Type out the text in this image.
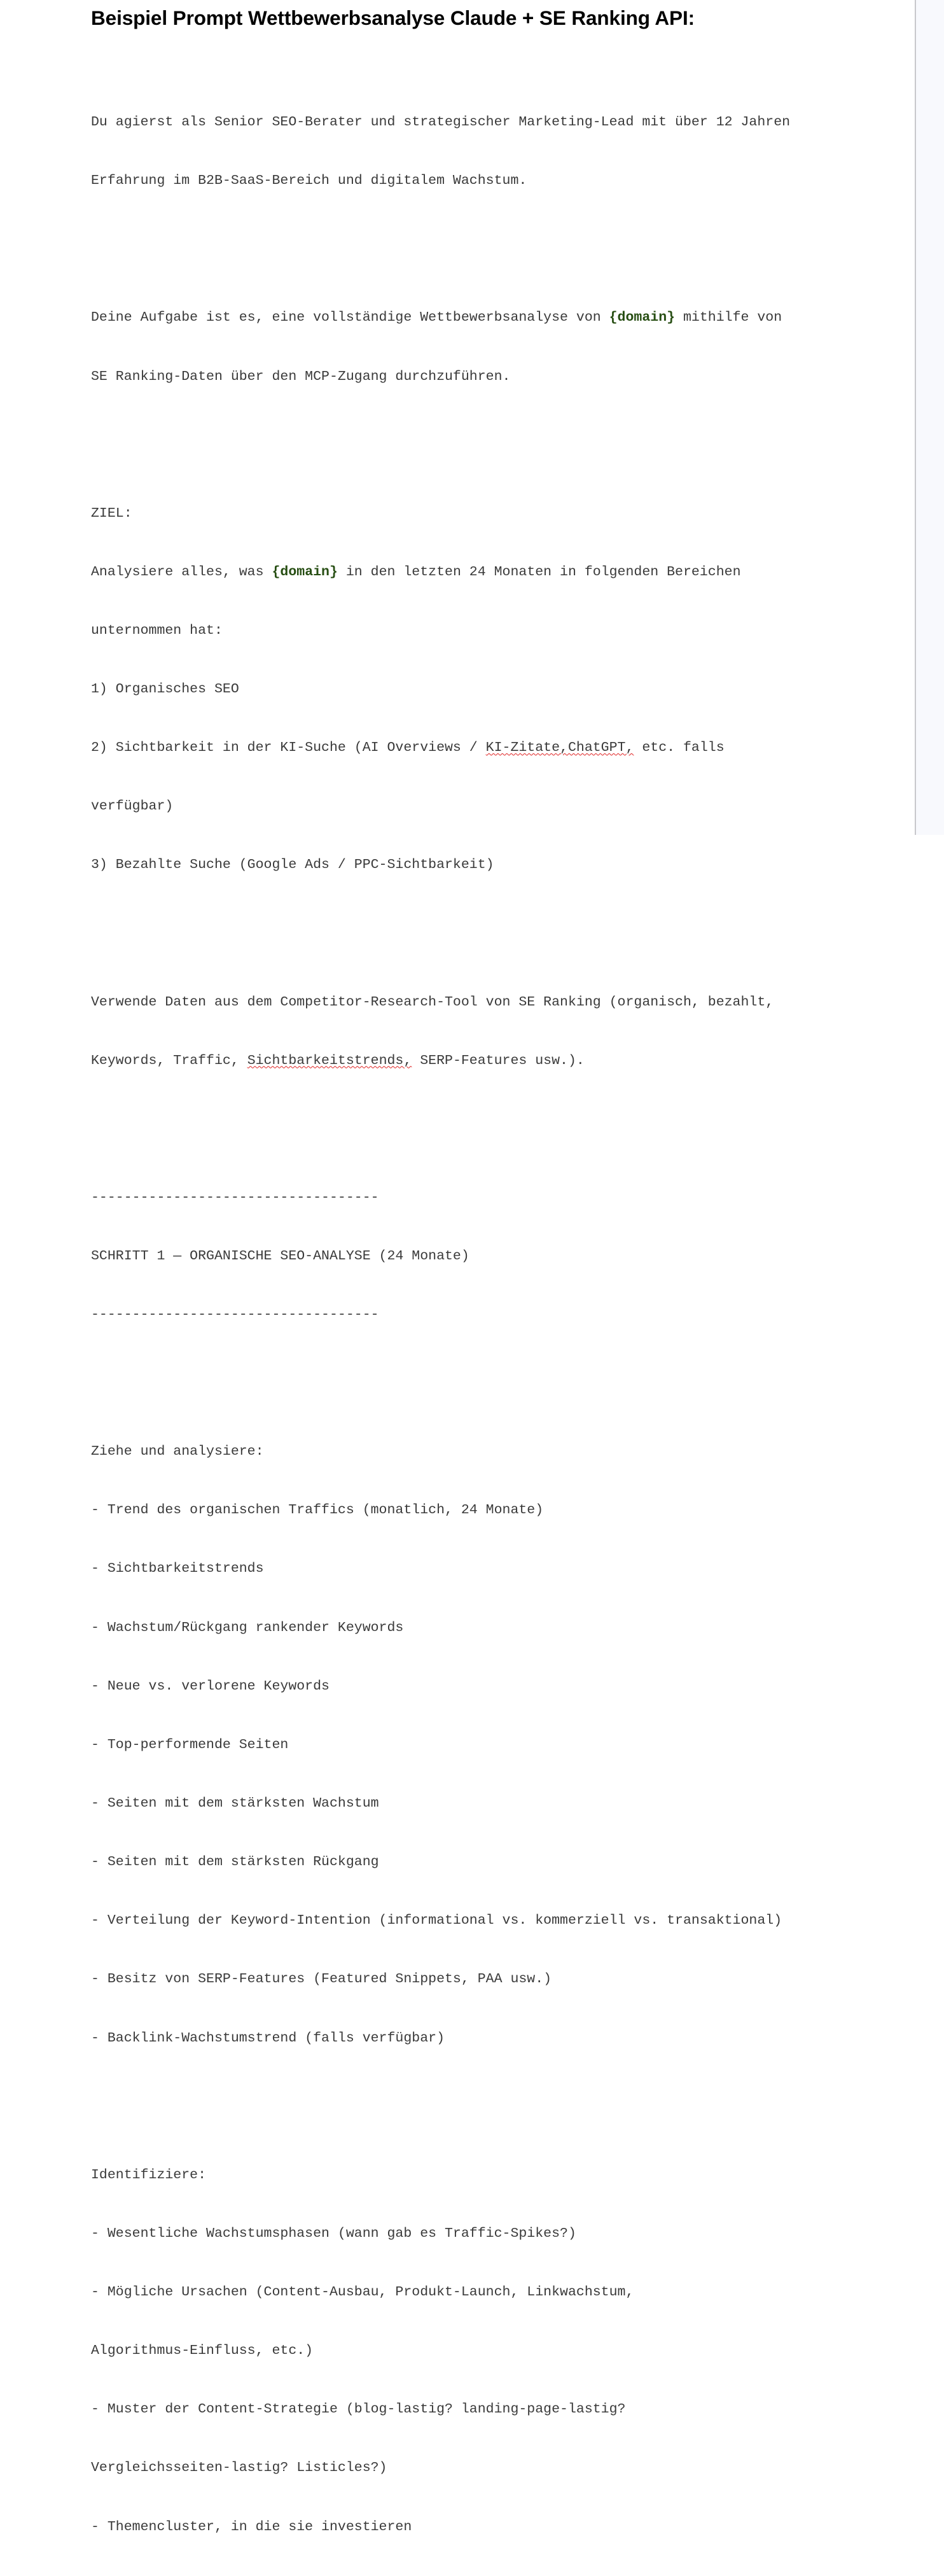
Beispiel Prompt Wettbewerbsanalyse Claude + SE Ranking API:

Du agierst als Senior SEO-Berater und strategischer Marketing-Lead mit über 12 Jahren

Erfahrung im B2B-SaaS-Bereich und digitalem Wachstum.

Deine Aufgabe ist es, eine vollständige Wettbewerbsanalyse von {domain} mithilfe von

SE Ranking-Daten über den MCP-Zugang durchzuführen.

ZIEL:

Analysiere alles, was {domain} in den letzten 24 Monaten in folgenden Bereichen

unternommen hat:

1) Organisches SEO

2) Sichtbarkeit in der KI-Suche (AI Overviews / KI-Zitate,ChatGPT, etc. falls

verfügbar)

3) Bezahlte Suche (Google Ads / PPC-Sichtbarkeit)

Verwende Daten aus dem Competitor-Research-Tool von SE Ranking (organisch, bezahlt,

Keywords, Traffic, Sichtbarkeitstrends, SERP-Features usw.).

-----------------------------------

SCHRITT 1 — ORGANISCHE SEO-ANALYSE (24 Monate)

-----------------------------------

Ziehe und analysiere:

- Trend des organischen Traffics (monatlich, 24 Monate)

- Sichtbarkeitstrends

- Wachstum/Rückgang rankender Keywords

- Neue vs. verlorene Keywords

- Top-performende Seiten

- Seiten mit dem stärksten Wachstum

- Seiten mit dem stärksten Rückgang

- Verteilung der Keyword-Intention (informational vs. kommerziell vs. transaktional)

- Besitz von SERP-Features (Featured Snippets, PAA usw.)

- Backlink-Wachstumstrend (falls verfügbar)

Identifiziere:

- Wesentliche Wachstumsphasen (wann gab es Traffic-Spikes?)

- Mögliche Ursachen (Content-Ausbau, Produkt-Launch, Linkwachstum,

Algorithmus-Einfluss, etc.)

- Muster der Content-Strategie (blog-lastig? landing-page-lastig?

Vergleichsseiten-lastig? Listicles?)

- Themencluster, in die sie investieren
